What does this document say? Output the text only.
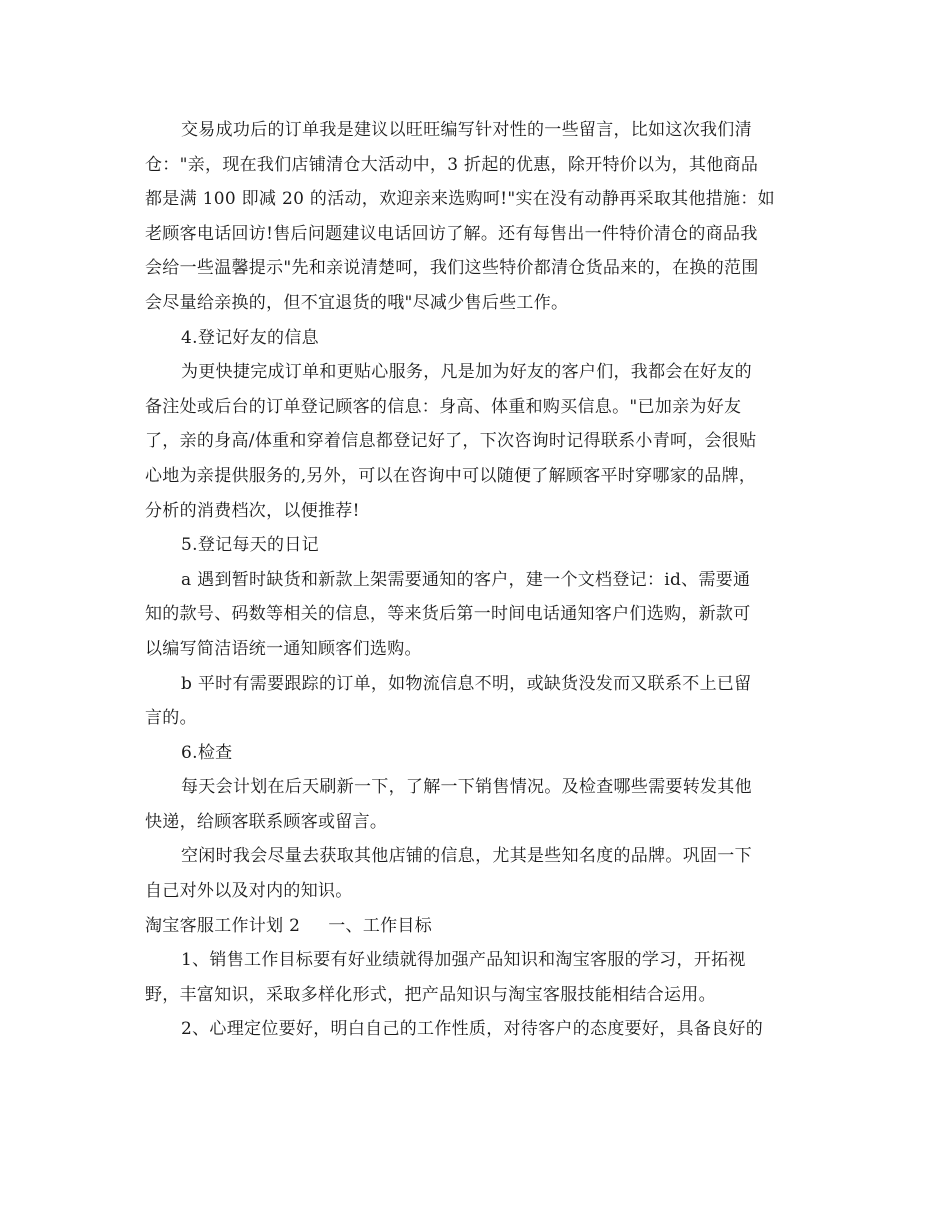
交易成功后的订单我是建议以旺旺编写针对性的一些留言，比如这次我们清
仓："亲，现在我们店铺清仓大活动中，3 折起的优惠，除开特价以为，其他商品
都是满 100 即减 20 的活动，欢迎亲来选购呵!"实在没有动静再采取其他措施：如
老顾客电话回访!售后问题建议电话回访了解。还有每售出一件特价清仓的商品我
会给一些温馨提示"先和亲说清楚呵，我们这些特价都清仓货品来的，在换的范围
会尽量给亲换的，但不宜退货的哦"尽减少售后些工作。
4.登记好友的信息
为更快捷完成订单和更贴心服务，凡是加为好友的客户们，我都会在好友的
备注处或后台的订单登记顾客的信息：身高、体重和购买信息。"已加亲为好友
了，亲的身高/体重和穿着信息都登记好了，下次咨询时记得联系小青呵，会很贴
心地为亲提供服务的,另外，可以在咨询中可以随便了解顾客平时穿哪家的品牌，
分析的消费档次，以便推荐!
5.登记每天的日记
a 遇到暂时缺货和新款上架需要通知的客户，建一个文档登记：id、需要通
知的款号、码数等相关的信息，等来货后第一时间电话通知客户们选购，新款可
以编写简洁语统一通知顾客们选购。
b 平时有需要跟踪的订单，如物流信息不明，或缺货没发而又联系不上已留
言的。
6.检查
每天会计划在后天刷新一下，了解一下销售情况。及检查哪些需要转发其他
快递，给顾客联系顾客或留言。
空闲时我会尽量去获取其他店铺的信息，尤其是些知名度的品牌。巩固一下
自己对外以及对内的知识。
淘宝客服工作计划 2 一、工作目标
1、销售工作目标要有好业绩就得加强产品知识和淘宝客服的学习，开拓视
野，丰富知识，采取多样化形式，把产品知识与淘宝客服技能相结合运用。
2、心理定位要好，明白自己的工作性质，对待客户的态度要好，具备良好的
